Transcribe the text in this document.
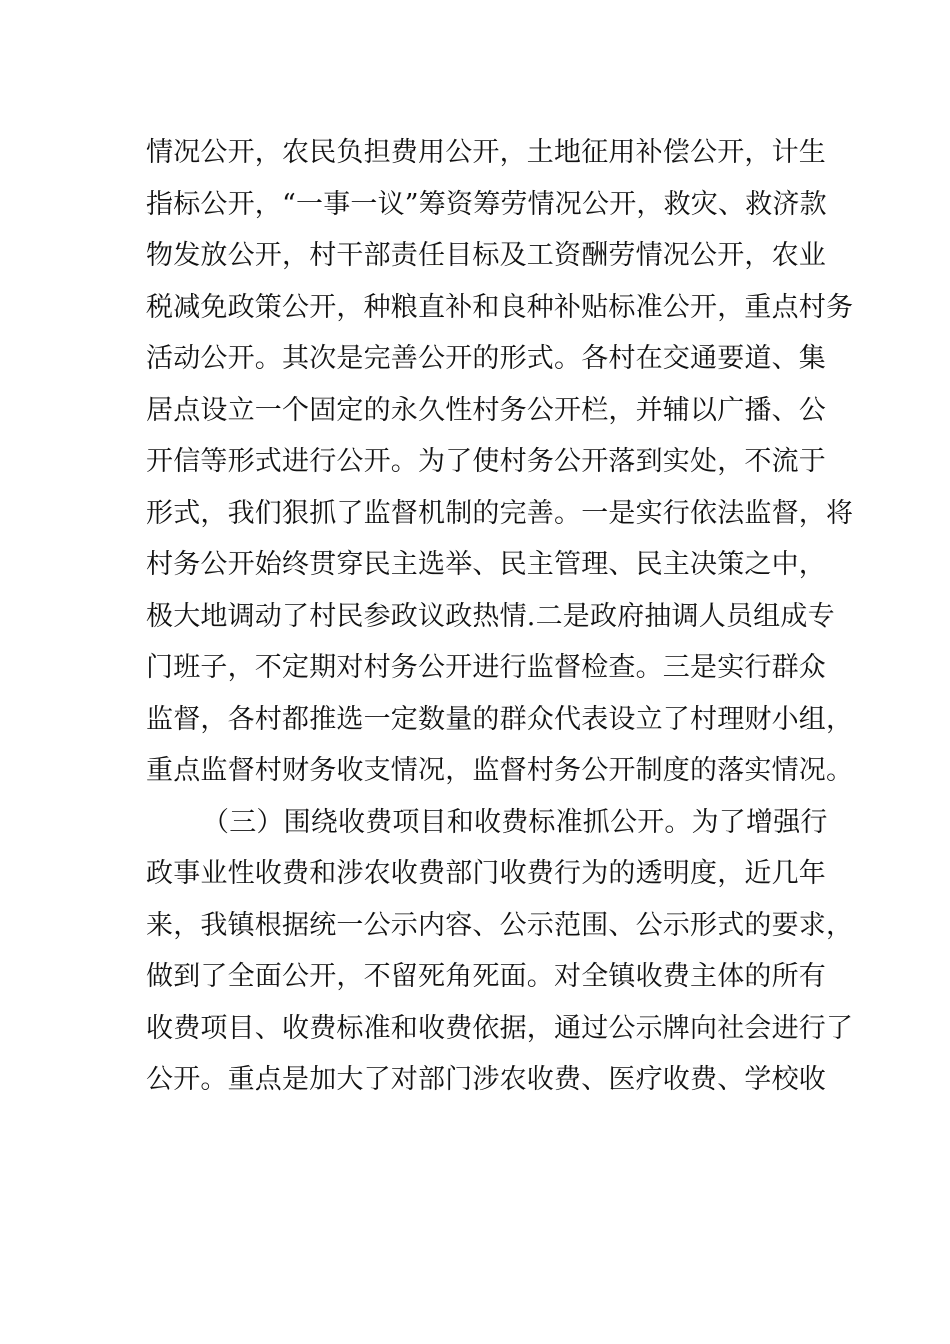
情况公开，农民负担费用公开，土地征用补偿公开，计生
指标公开，“一事一议”筹资筹劳情况公开，救灾、救济款
物发放公开，村干部责任目标及工资酬劳情况公开，农业
税减免政策公开，种粮直补和良种补贴标准公开，重点村务
活动公开。其次是完善公开的形式。各村在交通要道、集
居点设立一个固定的永久性村务公开栏，并辅以广播、公
开信等形式进行公开。为了使村务公开落到实处，不流于
形式，我们狠抓了监督机制的完善。一是实行依法监督，将
村务公开始终贯穿民主选举、民主管理、民主决策之中，
极大地调动了村民参政议政热情.二是政府抽调人员组成专
门班子，不定期对村务公开进行监督检查。三是实行群众
监督，各村都推选一定数量的群众代表设立了村理财小组，
重点监督村财务收支情况，监督村务公开制度的落实情况。
（三）围绕收费项目和收费标准抓公开。为了增强行
政事业性收费和涉农收费部门收费行为的透明度，近几年
来，我镇根据统一公示内容、公示范围、公示形式的要求，
做到了全面公开，不留死角死面。对全镇收费主体的所有
收费项目、收费标准和收费依据，通过公示牌向社会进行了
公开。重点是加大了对部门涉农收费、医疗收费、学校收
